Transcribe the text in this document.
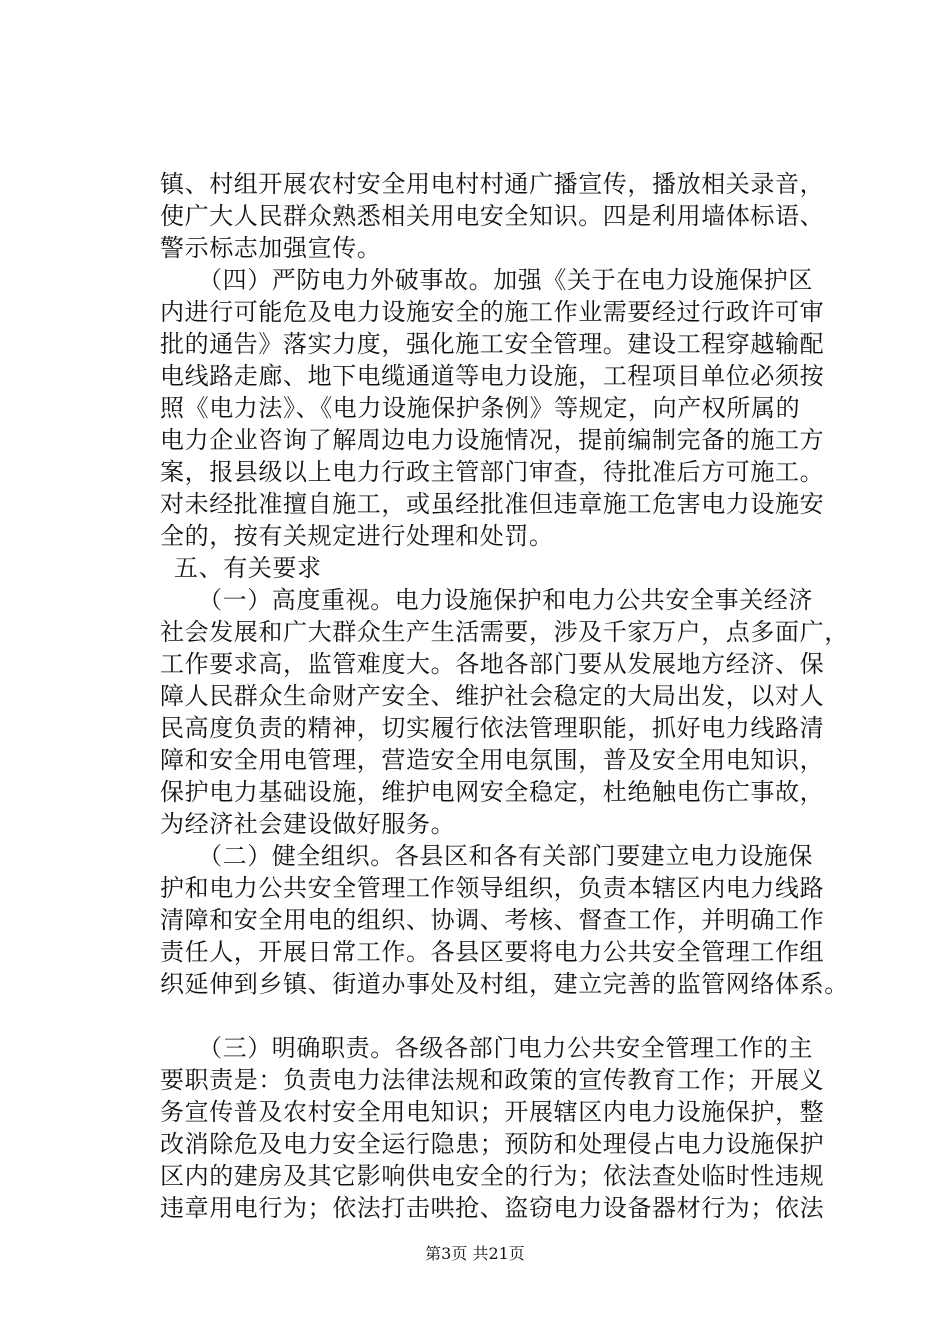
镇、村组开展农村安全用电村村通广播宣传，播放相关录音，
使广大人民群众熟悉相关用电安全知识。四是利用墙体标语、
警示标志加强宣传。
（四）严防电力外破事故。加强《关于在电力设施保护区
内进行可能危及电力设施安全的施工作业需要经过行政许可审
批的通告》落实力度，强化施工安全管理。建设工程穿越输配
电线路走廊、地下电缆通道等电力设施，工程项目单位必须按
照《电力法》、《电力设施保护条例》等规定，向产权所属的
电力企业咨询了解周边电力设施情况，提前编制完备的施工方
案，报县级以上电力行政主管部门审查，待批准后方可施工。
对未经批准擅自施工，或虽经批准但违章施工危害电力设施安
全的，按有关规定进行处理和处罚。
五、有关要求
（一）高度重视。电力设施保护和电力公共安全事关经济
社会发展和广大群众生产生活需要，涉及千家万户，点多面广，
工作要求高，监管难度大。各地各部门要从发展地方经济、保
障人民群众生命财产安全、维护社会稳定的大局出发，以对人
民高度负责的精神，切实履行依法管理职能，抓好电力线路清
障和安全用电管理，营造安全用电氛围，普及安全用电知识，
保护电力基础设施，维护电网安全稳定，杜绝触电伤亡事故，
为经济社会建设做好服务。
（二）健全组织。各县区和各有关部门要建立电力设施保
护和电力公共安全管理工作领导组织，负责本辖区内电力线路
清障和安全用电的组织、协调、考核、督查工作，并明确工作
责任人，开展日常工作。各县区要将电力公共安全管理工作组
织延伸到乡镇、街道办事处及村组，建立完善的监管网络体系。
（三）明确职责。各级各部门电力公共安全管理工作的主
要职责是：负责电力法律法规和政策的宣传教育工作；开展义
务宣传普及农村安全用电知识；开展辖区内电力设施保护，整
改消除危及电力安全运行隐患；预防和处理侵占电力设施保护
区内的建房及其它影响供电安全的行为；依法查处临时性违规
违章用电行为；依法打击哄抢、盗窃电力设备器材行为；依法
第3页 共21页
